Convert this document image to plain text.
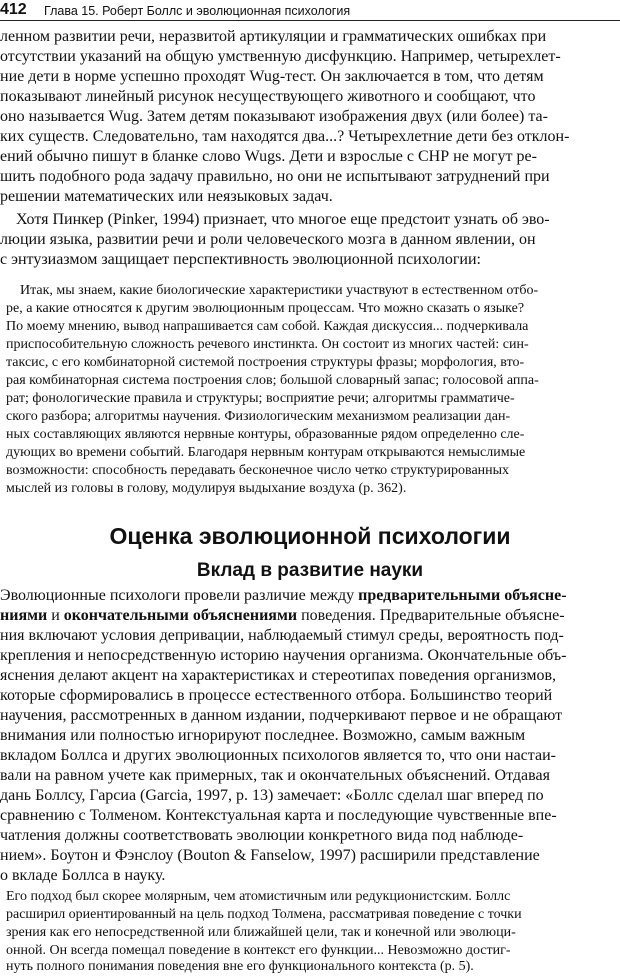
412 Глава 15. Роберт Боллс и эволюционная психология
ленном развитии речи, неразвитой артикуляции и грамматических ошибках при
отсутствии указаний на общую умственную дисфункцию. Например, четырехлет-
ние дети в норме успешно проходят Wug-тест. Он заключается в том, что детям
показывают линейный рисунок несуществующего животного и сообщают, что
оно называется Wug. Затем детям показывают изображения двух (или более) та-
ких существ. Следовательно, там находятся два...? Четырехлетние дети без отклон-
ений обычно пишут в бланке слово Wugs. Дети и взрослые с СНР не могут ре-
шить подобного рода задачу правильно, но они не испытывают затруднений при
решении математических или неязыковых задач.
Хотя Пинкер (Pinker, 1994) признает, что многое еще предстоит узнать об эво-
люции языка, развитии речи и роли человеческого мозга в данном явлении, он
с энтузиазмом защищает перспективность эволюционной психологии:
Итак, мы знаем, какие биологические характеристики участвуют в естественном отбо-
ре, а какие относятся к другим эволюционным процессам. Что можно сказать о языке?
По моему мнению, вывод напрашивается сам собой. Каждая дискуссия... подчеркивала
приспособительную сложность речевого инстинкта. Он состоит из многих частей: син-
таксис, с его комбинаторной системой построения структуры фразы; морфология, вто-
рая комбинаторная система построения слов; большой словарный запас; голосовой аппа-
рат; фонологические правила и структуры; восприятие речи; алгоритмы грамматиче-
ского разбора; алгоритмы научения. Физиологическим механизмом реализации дан-
ных составляющих являются нервные контуры, образованные рядом определенно сле-
дующих во времени событий. Благодаря нервным контурам открываются немыслимые
возможности: способность передавать бесконечное число четко структурированных
мыслей из головы в голову, модулируя выдыхание воздуха (p. 362).
Оценка эволюционной психологии
Вклад в развитие науки
Эволюционные психологи провели различие между предварительными объясне-
ниями и окончательными объяснениями поведения. Предварительные объясне-
ния включают условия депривации, наблюдаемый стимул среды, вероятность под-
крепления и непосредственную историю научения организма. Окончательные объ-
яснения делают акцент на характеристиках и стереотипах поведения организмов,
которые сформировались в процессе естественного отбора. Большинство теорий
научения, рассмотренных в данном издании, подчеркивают первое и не обращают
внимания или полностью игнорируют последнее. Возможно, самым важным
вкладом Боллса и других эволюционных психологов является то, что они настаи-
вали на равном учете как примерных, так и окончательных объяснений. Отдавая
дань Боллсу, Гарсиа (Garcia, 1997, p. 13) замечает: «Боллс сделал шаг вперед по
сравнению с Толменом. Контекстуальная карта и последующие чувственные впе-
чатления должны соответствовать эволюции конкретного вида под наблюде-
нием». Боутон и Фэнслоу (Bouton & Fanselow, 1997) расширили представление
о вкладе Боллса в науку.
Его подход был скорее молярным, чем атомистичным или редукционистским. Боллс
расширил ориентированный на цель подход Толмена, рассматривая поведение с точки
зрения как его непосредственной или ближайшей цели, так и конечной или эволюци-
онной. Он всегда помещал поведение в контекст его функции... Невозможно достиг-
нуть полного понимания поведения вне его функционального контекста (p. 5).
